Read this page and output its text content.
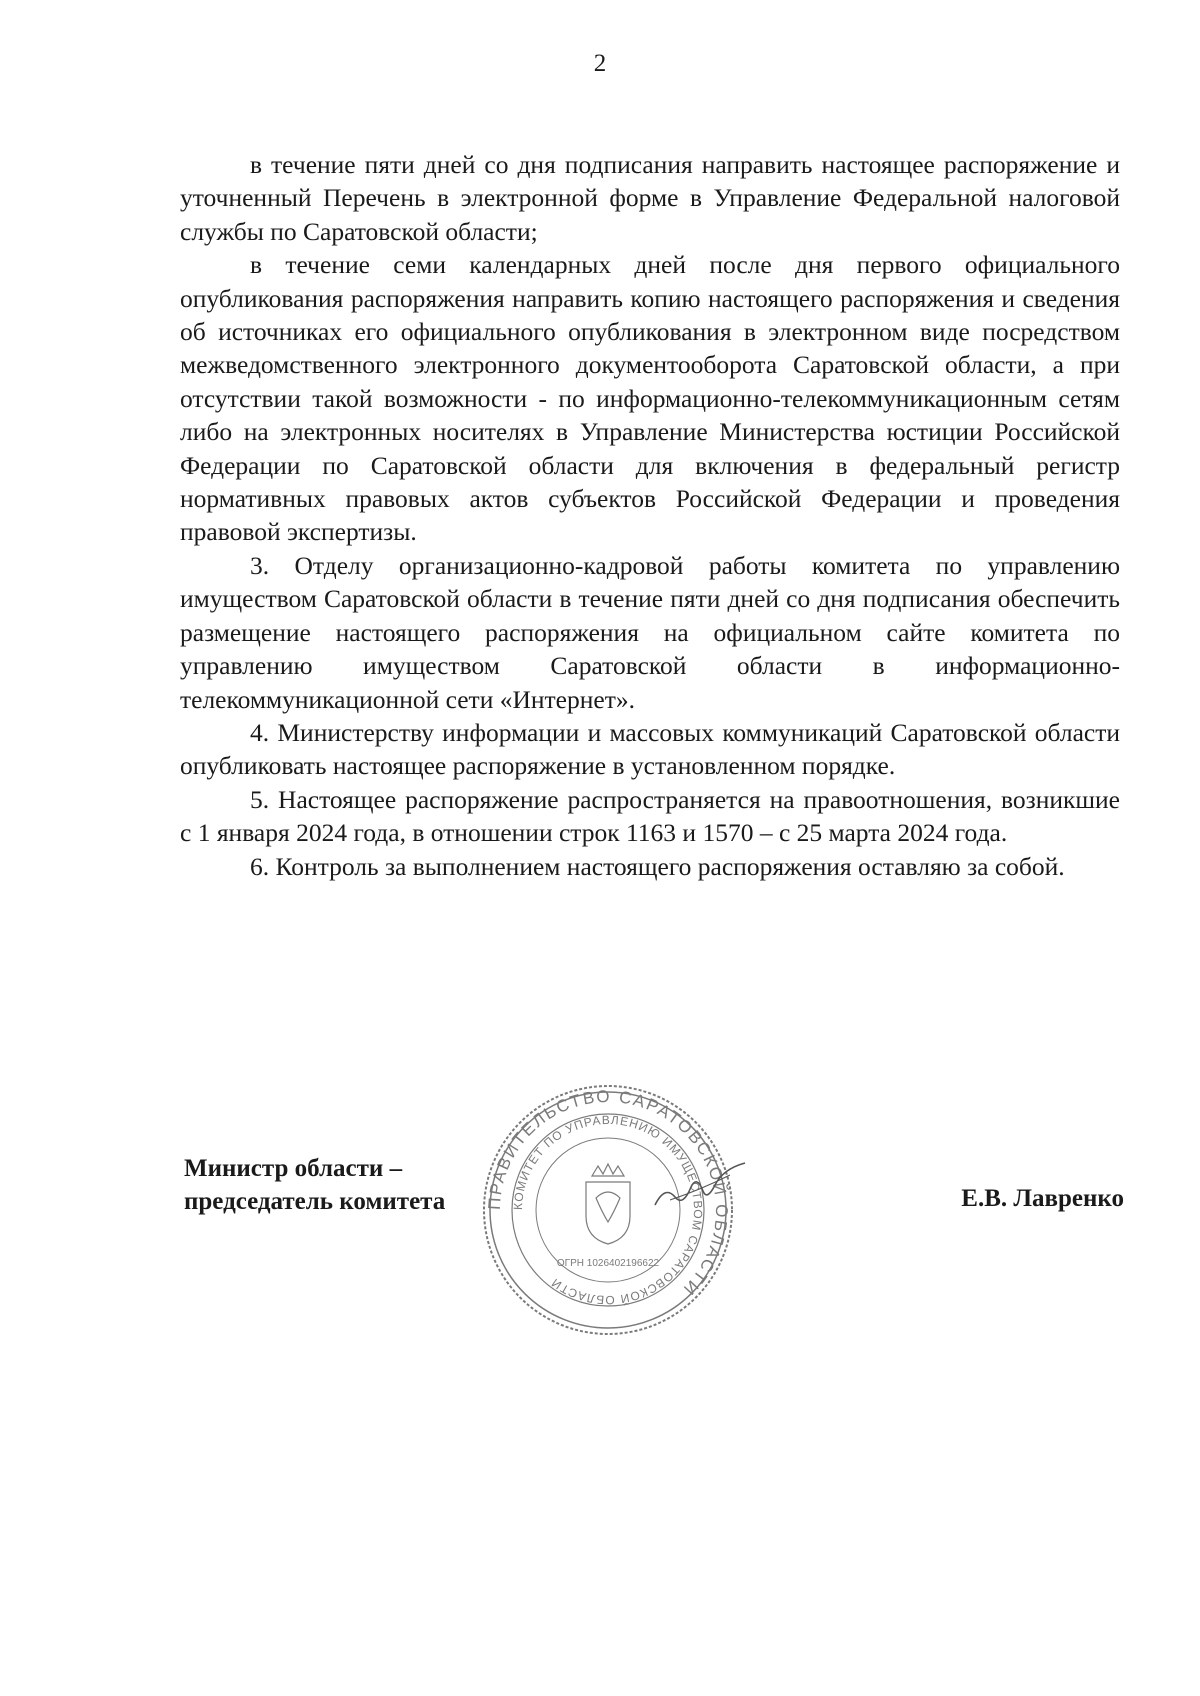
2

в течение пяти дней со дня подписания направить настоящее распоряжение и уточненный Перечень в электронной форме в Управление Федеральной налоговой службы по Саратовской области;

в течение семи календарных дней после дня первого официального опубликования распоряжения направить копию настоящего распоряжения и сведения об источниках его официального опубликования в электронном виде посредством межведомственного электронного документооборота Саратовской области, а при отсутствии такой возможности - по информационно-телекоммуникационным сетям либо на электронных носителях в Управление Министерства юстиции Российской Федерации по Саратовской области для включения в федеральный регистр нормативных правовых актов субъектов Российской Федерации и проведения правовой экспертизы.

3. Отделу организационно-кадровой работы комитета по управлению имуществом Саратовской области в течение пяти дней со дня подписания обеспечить размещение настоящего распоряжения на официальном сайте комитета по управлению имуществом Саратовской области в информационно-телекоммуникационной сети «Интернет».

4. Министерству информации и массовых коммуникаций Саратовской области опубликовать настоящее распоряжение в установленном порядке.

5. Настоящее распоряжение распространяется на правоотношения, возникшие с 1 января 2024 года, в отношении строк 1163 и 1570 – с 25 марта 2024 года.

6. Контроль за выполнением настоящего распоряжения оставляю за собой.

Министр области –
председатель комитета	Е.В. Лавренко
ПРАВИТЕЛЬСТВО САРАТОВСКОЙ ОБЛАСТИ
КОМИТЕТ ПО УПРАВЛЕНИЮ ИМУЩЕСТВОМ САРАТОВСКОЙ ОБЛАСТИ
ОГРН 1026402196622
